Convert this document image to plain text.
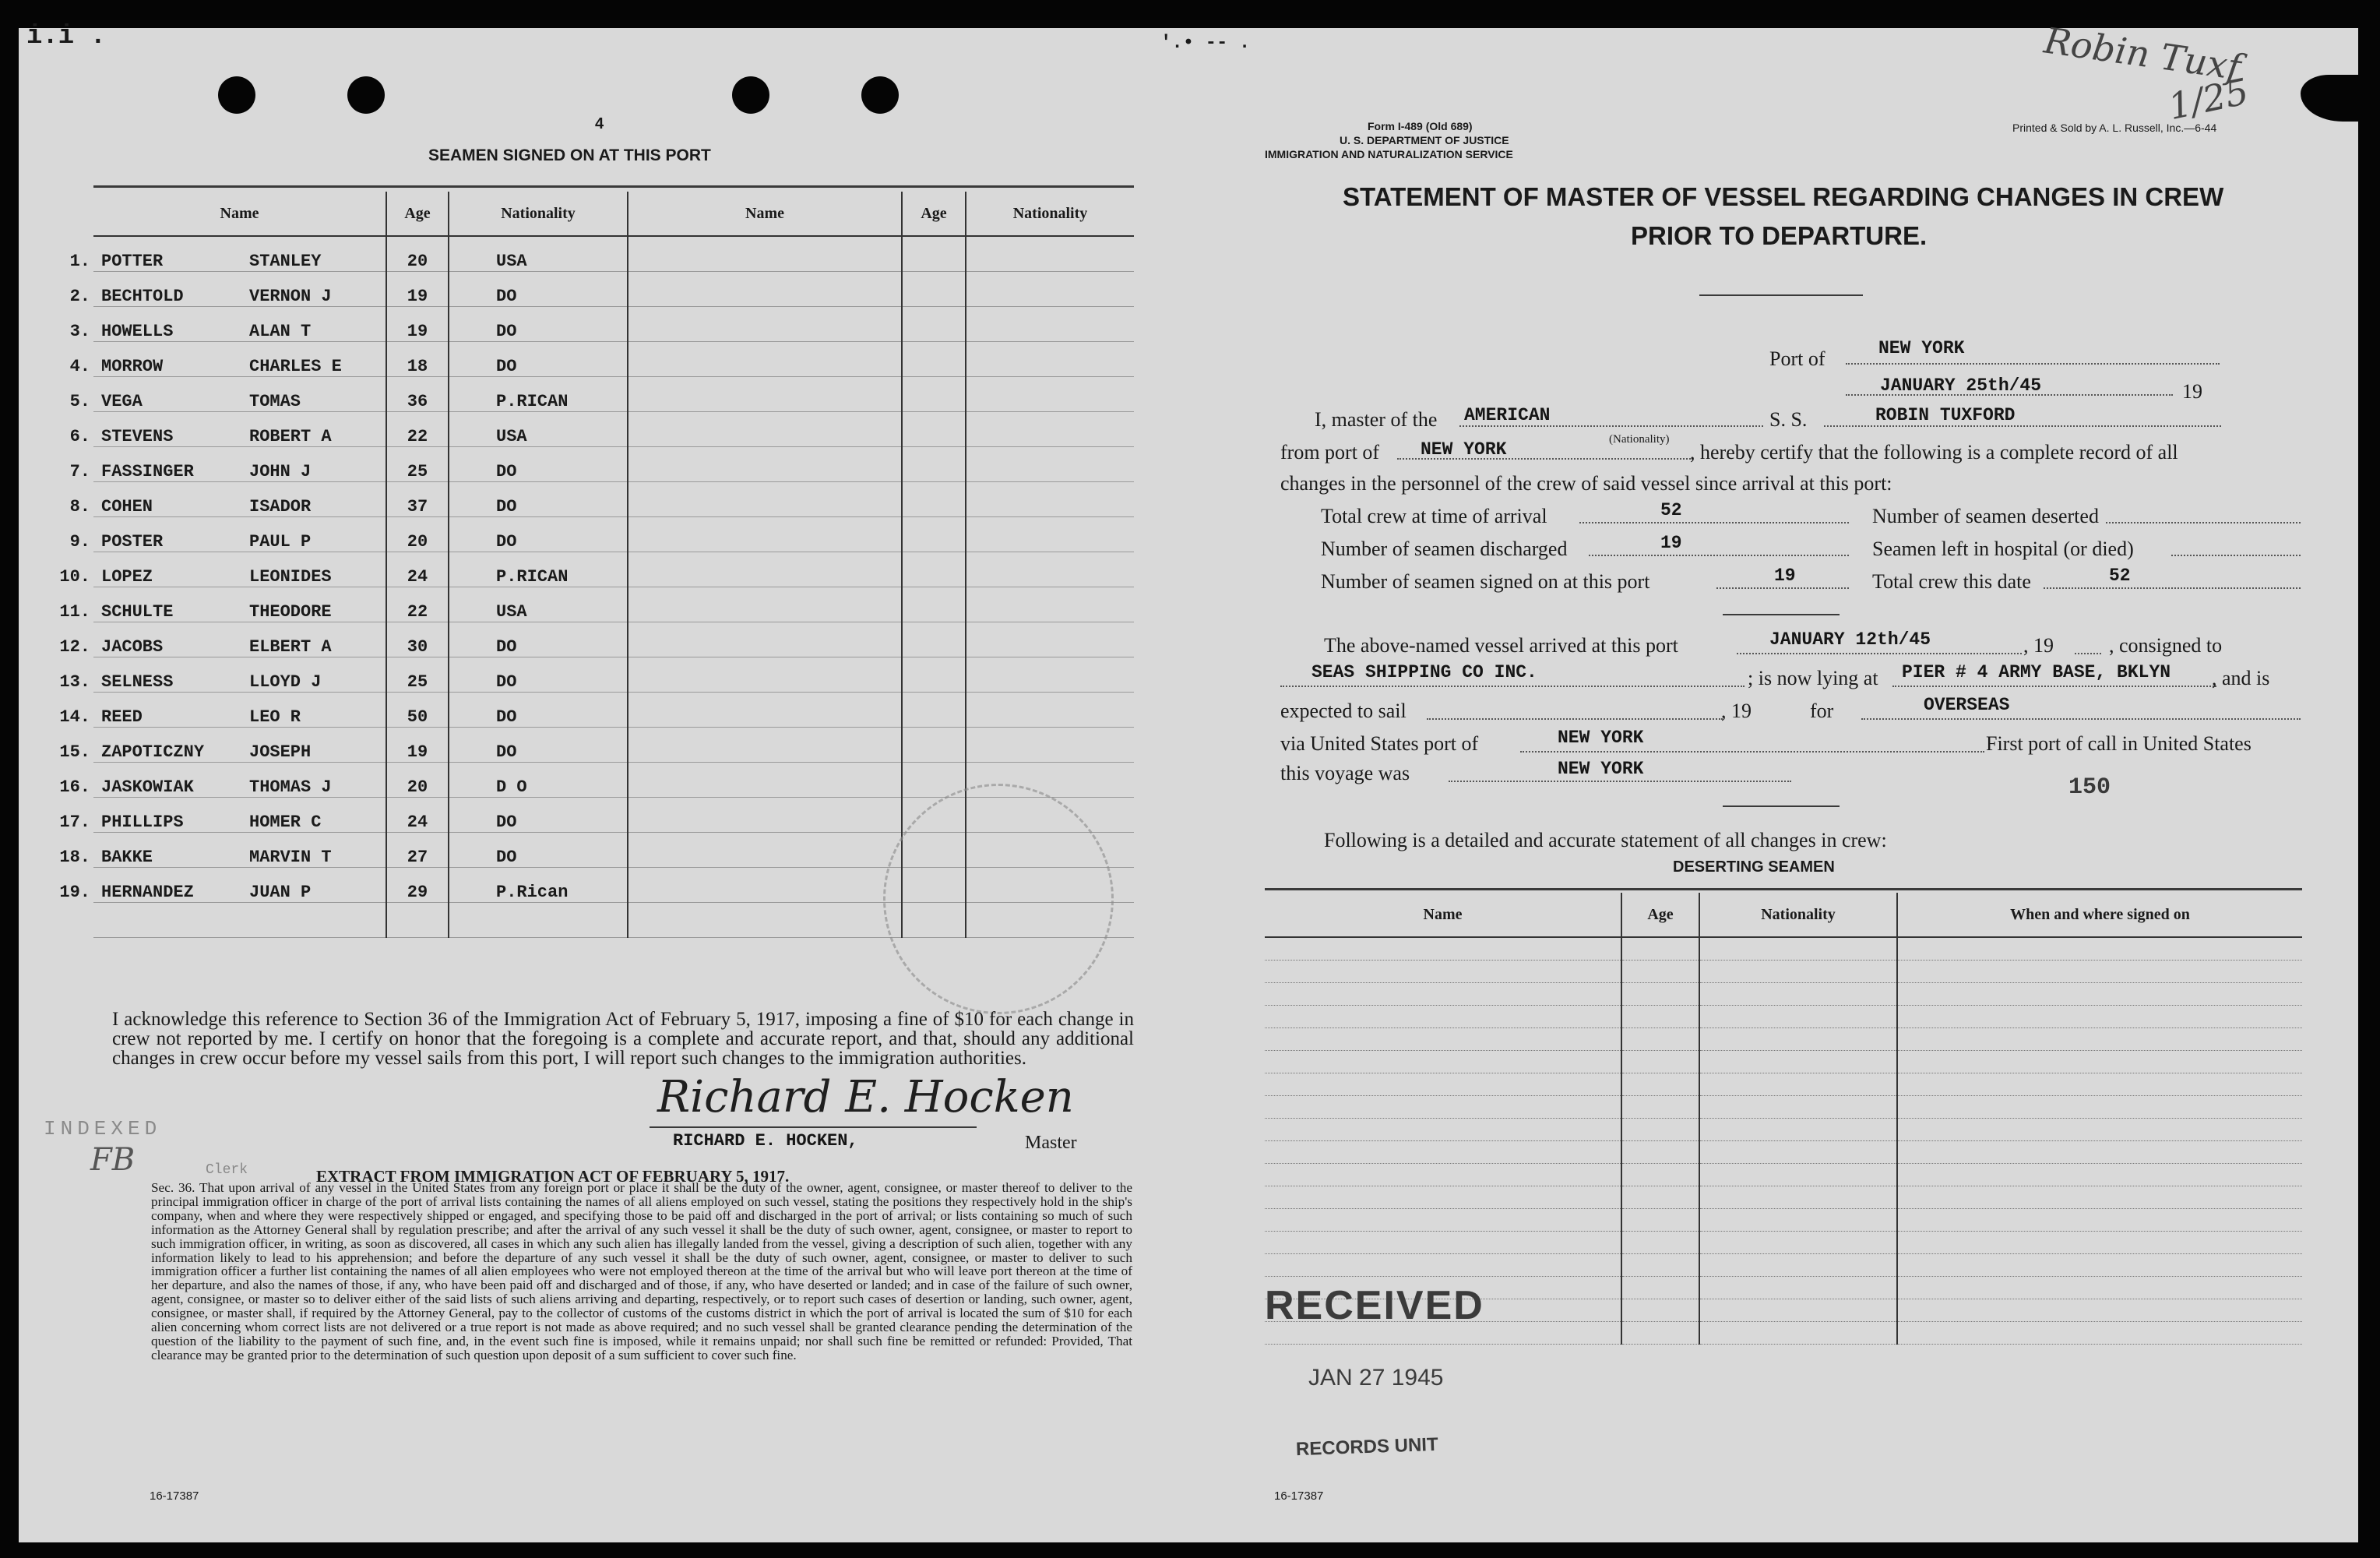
i.i .	'.• -- .	Robin Tuxf
1/25
4
SEAMEN SIGNED ON AT THIS PORT
Name	Age	Nationality	Name	Age	Nationality

1. POTTER STANLEY	20	USA			

2. BECHTOLD VERNON J	19	DO			

3. HOWELLS ALAN T	19	DO			

4. MORROW CHARLES E	18	DO			

5. VEGA TOMAS	36	P.RICAN			

6. STEVENS ROBERT A	22	USA			

7. FASSINGER JOHN J	25	DO			

8. COHEN ISADOR	37	DO			

9. POSTER PAUL P	20	DO			

10. LOPEZ LEONIDES	24	P.RICAN			

11. SCHULTE THEODORE	22	USA			

12. JACOBS ELBERT A	30	DO			

13. SELNESS LLOYD J	25	DO			

14. REED LEO R	50	DO			

15. ZAPOTICZNY JOSEPH	19	DO			

16. JASKOWIAK THOMAS J	20	D O			

17. PHILLIPS HOMER C	24	DO			

18. BAKKE MARVIN T	27	DO			

19. HERNANDEZ JUAN P	29	P.Rican			

I acknowledge this reference to Section 36 of the Immigration Act of February 5, 1917, imposing a fine of $10 for each change in crew not reported by me. I certify on honor that the foregoing is a complete and accurate report, and that, should any additional changes in crew occur before my vessel sails from this port, I will report such changes to the immigration authorities.
Richard E. Hocken
RICHARD E. HOCKEN,	Master
INDEXED
FB	Clerk	EXTRACT FROM IMMIGRATION ACT OF FEBRUARY 5, 1917.
Sec. 36. That upon arrival of any vessel in the United States from any foreign port or place it shall be the duty of the owner, agent, consignee, or master thereof to deliver to the principal immigration officer in charge of the port of arrival lists containing the names of all aliens employed on such vessel, stating the positions they respectively hold in the ship's company, when and where they were respectively shipped or engaged, and specifying those to be paid off and discharged in the port of arrival; or lists containing so much of such information as the Attorney General shall by regulation prescribe; and after the arrival of any such vessel it shall be the duty of such owner, agent, consignee, or master to report to such immigration officer, in writing, as soon as discovered, all cases in which any such alien has illegally landed from the vessel, giving a description of such alien, together with any information likely to lead to his apprehension; and before the departure of any such vessel it shall be the duty of such owner, agent, consignee, or master to deliver to such immigration officer a further list containing the names of all alien employees who were not employed thereon at the time of the arrival but who will leave port thereon at the time of her departure, and also the names of those, if any, who have been paid off and discharged and of those, if any, who have deserted or landed; and in case of the failure of such owner, agent, consignee, or master so to deliver either of the said lists of such aliens arriving and departing, respectively, or to report such cases of desertion or landing, such owner, agent, consignee, or master shall, if required by the Attorney General, pay to the collector of customs of the customs district in which the port of arrival is located the sum of $10 for each alien concerning whom correct lists are not delivered or a true report is not made as above required; and no such vessel shall be granted clearance pending the determination of the question of the liability to the payment of such fine, and, in the event such fine is imposed, while it remains unpaid; nor shall such fine be remitted or refunded: Provided, That clearance may be granted prior to the determination of such question upon deposit of a sum sufficient to cover such fine.
16-17387
Form I-489 (Old 689)
U. S. DEPARTMENT OF JUSTICE
IMMIGRATION AND NATURALIZATION SERVICE
Printed & Sold by A. L. Russell, Inc.—6-44
STATEMENT OF MASTER OF VESSEL REGARDING CHANGES IN CREW
PRIOR TO DEPARTURE.
Port of	NEW YORK
JANUARY 25th/45	19
I, master of the AMERICAN
(Nationality)
S. S.	ROBIN TUXFORD
from port of NEW YORK	, hereby certify that the following is a complete record of all
changes in the personnel of the crew of said vessel since arrival at this port:
Total crew at time of arrival	52	Number of seamen deserted
Number of seamen discharged	19	Seamen left in hospital (or died)
Number of seamen signed on at this port	19	Total crew this date	52
The above-named vessel arrived at this port	JANUARY 12th/45	, 19	, consigned to
SEAS SHIPPING CO INC.	; is now lying at PIER # 4 ARMY BASE, BKLYN , and is
expected to sail	, 19	for	OVERSEAS
via United States port of	NEW YORK	First port of call in United States
this voyage was	NEW YORK
150
Following is a detailed and accurate statement of all changes in crew:
DESERTING SEAMEN
Name	Age	Nationality	When and where signed on

RECEIVED
JAN 27 1945
RECORDS UNIT
16-17387
